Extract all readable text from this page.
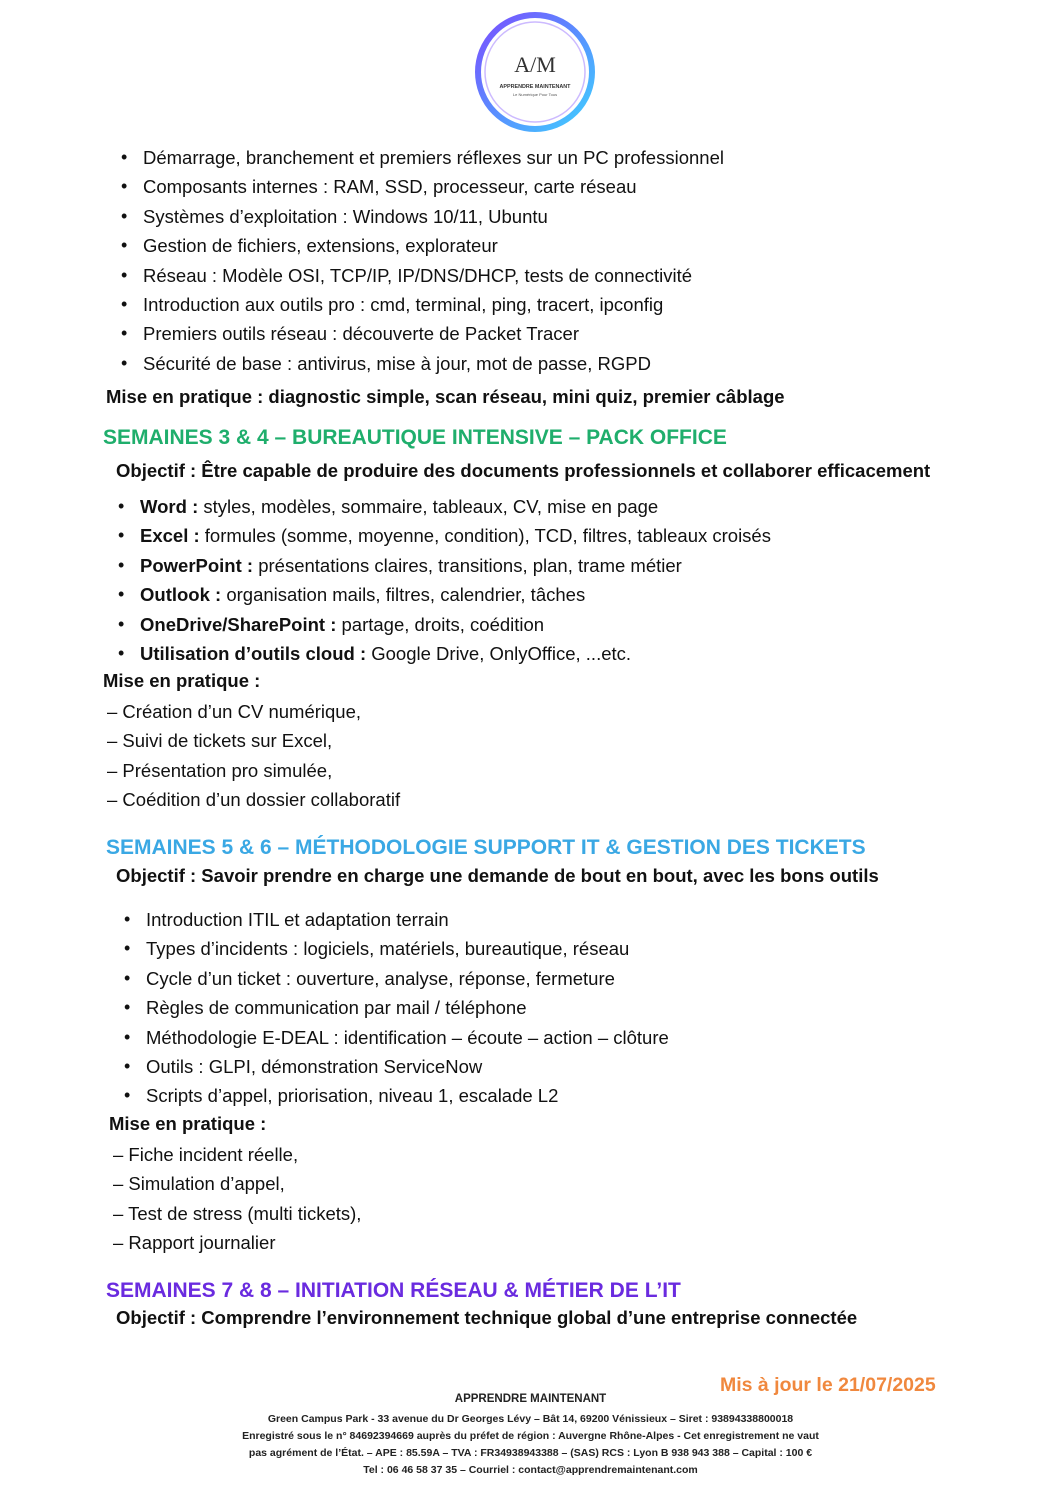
A/M
APPRENDRE MAINTENANT
Le Numérique Pour Tous
• Démarrage, branchement et premiers réflexes sur un PC professionnel
• Composants internes : RAM, SSD, processeur, carte réseau
• Systèmes d’exploitation : Windows 10/11, Ubuntu
• Gestion de fichiers, extensions, explorateur
• Réseau : Modèle OSI, TCP/IP, IP/DNS/DHCP, tests de connectivité
• Introduction aux outils pro : cmd, terminal, ping, tracert, ipconfig
• Premiers outils réseau : découverte de Packet Tracer
• Sécurité de base : antivirus, mise à jour, mot de passe, RGPD
Mise en pratique : diagnostic simple, scan réseau, mini quiz, premier câblage
SEMAINES 3 & 4 – BUREAUTIQUE INTENSIVE – PACK OFFICE
Objectif : Être capable de produire des documents professionnels et collaborer efficacement
• Word : styles, modèles, sommaire, tableaux, CV, mise en page
• Excel : formules (somme, moyenne, condition), TCD, filtres, tableaux croisés
• PowerPoint : présentations claires, transitions, plan, trame métier
• Outlook : organisation mails, filtres, calendrier, tâches
• OneDrive/SharePoint : partage, droits, coédition
• Utilisation d’outils cloud : Google Drive, OnlyOffice, ...etc.
Mise en pratique :
– Création d’un CV numérique,
– Suivi de tickets sur Excel,
– Présentation pro simulée,
– Coédition d’un dossier collaboratif
SEMAINES 5 & 6 – MÉTHODOLOGIE SUPPORT IT & GESTION DES TICKETS
Objectif : Savoir prendre en charge une demande de bout en bout, avec les bons outils
• Introduction ITIL et adaptation terrain
• Types d’incidents : logiciels, matériels, bureautique, réseau
• Cycle d’un ticket : ouverture, analyse, réponse, fermeture
• Règles de communication par mail / téléphone
• Méthodologie E-DEAL : identification – écoute – action – clôture
• Outils : GLPI, démonstration ServiceNow
• Scripts d’appel, priorisation, niveau 1, escalade L2
Mise en pratique :
– Fiche incident réelle,
– Simulation d’appel,
– Test de stress (multi tickets),
– Rapport journalier
SEMAINES 7 & 8 – INITIATION RÉSEAU & MÉTIER DE L’IT
Objectif : Comprendre l’environnement technique global d’une entreprise connectée
Mis à jour le 21/07/2025
APPRENDRE MAINTENANT
Green Campus Park - 33 avenue du Dr Georges Lévy – Bât 14, 69200 Vénissieux – Siret : 93894338800018
Enregistré sous le n° 84692394669 auprès du préfet de région : Auvergne Rhône-Alpes - Cet enregistrement ne vaut
pas agrément de l’État. – APE : 85.59A – TVA : FR34938943388 – (SAS) RCS : Lyon B 938 943 388 – Capital : 100 €
Tel : 06 46 58 37 35 – Courriel : contact@apprendremaintenant.com
